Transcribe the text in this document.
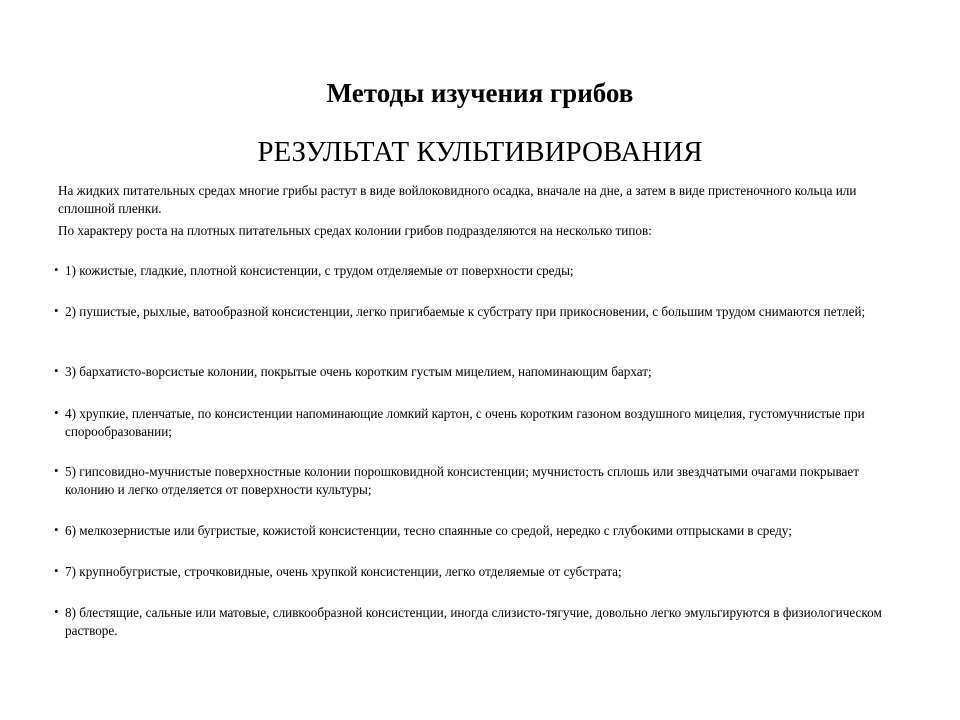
Методы изучения грибов
РЕЗУЛЬТАТ КУЛЬТИВИРОВАНИЯ

На жидких питательных средах многие грибы растут в виде войлоковидного осадка, вначале на дне, а затем в виде пристеночного кольца или сплошной пленки.

По характеру роста на плотных питательных средах колонии грибов подразделяются на несколько типов:

• 1) кожистые, гладкие, плотной консистенции, с трудом отделяемые от поверхности среды;
• 2) пушистые, рыхлые, ватообразной консистенции, легко пригибаемые к субстрату при прикосновении, с большим трудом снимаются петлей;
• 3) бархатисто-ворсистые колонии, покрытые очень коротким густым мицелием, напоминающим бархат;
• 4) хрупкие, пленчатые, по консистенции напоминающие ломкий картон, с очень коротким газоном воздушного мицелия, густомучнистые при спорообразовании;
• 5) гипсовидно-мучнистые поверхностные колонии порошковидной консистенции; мучнистость сплошь или звездчатыми очагами покрывает колонию и легко отделяется от поверхности культуры;
• 6) мелкозернистые или бугристые, кожистой консистенции, тесно спаянные со средой, нередко с глубокими отпрысками в среду;
• 7) крупнобугристые, строчковидные, очень хрупкой консистенции, легко отделяемые от субстрата;
• 8) блестящие, сальные или матовые, сливкообразной консистенции, иногда слизисто-тягучие, довольно легко эмульгируются в физиологическом растворе.
